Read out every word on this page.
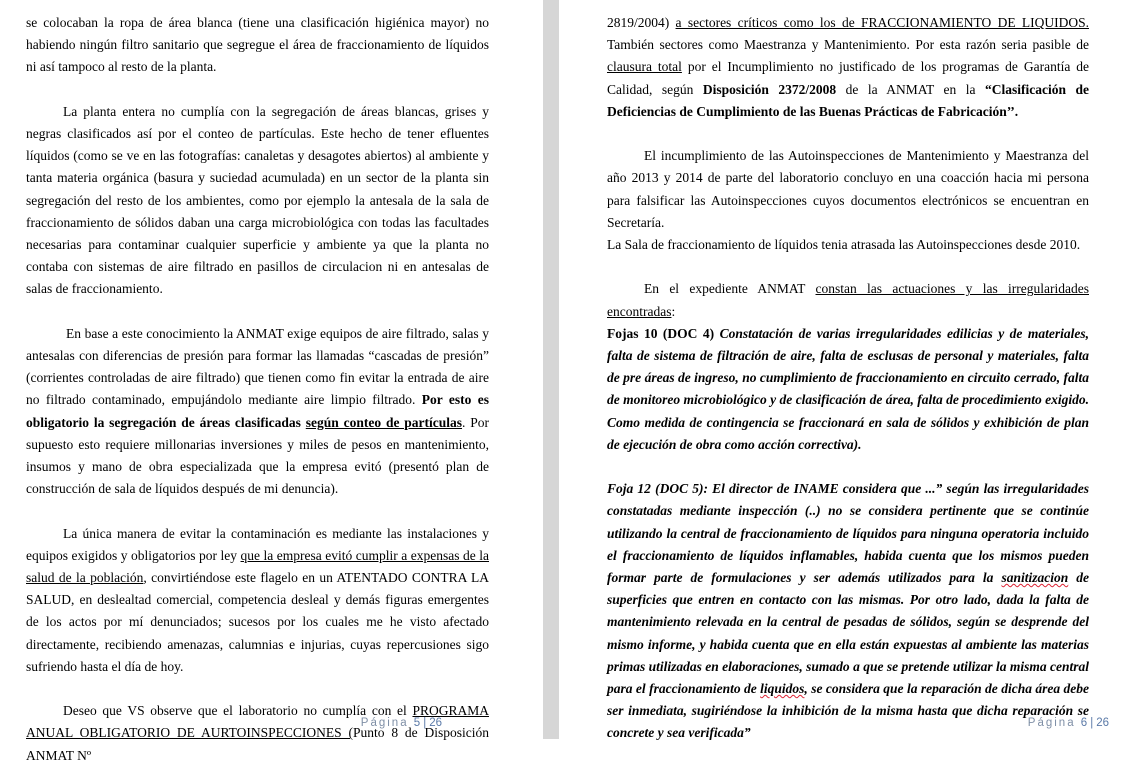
se colocaban la ropa de área blanca (tiene una clasificación higiénica mayor) no habiendo ningún filtro sanitario que segregue el área de fraccionamiento de líquidos ni así tampoco al resto de la planta.

La planta entera no cumplía con la segregación de áreas blancas, grises y negras clasificados así por el conteo de partículas. Este hecho de tener efluentes líquidos (como se ve en las fotografías: canaletas y desagotes abiertos) al ambiente y tanta materia orgánica (basura y suciedad acumulada) en un sector de la planta sin segregación del resto de los ambientes, como por ejemplo la antesala de la sala de fraccionamiento de sólidos daban una carga microbiológica con todas las facultades necesarias para contaminar cualquier superficie y ambiente ya que la planta no contaba con sistemas de aire filtrado en pasillos de circulacion ni en antesalas de salas de fraccionamiento.

En base a este conocimiento la ANMAT exige equipos de aire filtrado, salas y antesalas con diferencias de presión para formar las llamadas “cascadas de presión” (corrientes controladas de aire filtrado) que tienen como fin evitar la entrada de aire no filtrado contaminado, empujándolo mediante aire limpio filtrado. Por esto es obligatorio la segregación de áreas clasificadas según conteo de partículas. Por supuesto esto requiere millonarias inversiones y miles de pesos en mantenimiento, insumos y mano de obra especializada que la empresa evitó (presentó plan de construcción de sala de líquidos después de mi denuncia).

La única manera de evitar la contaminación es mediante las instalaciones y equipos exigidos y obligatorios por ley que la empresa evitó cumplir a expensas de la salud de la población, convirtiéndose este flagelo en un ATENTADO CONTRA LA SALUD, en deslealtad comercial, competencia desleal y demás figuras emergentes de los actos por mí denunciados; sucesos por los cuales me he visto afectado directamente, recibiendo amenazas, calumnias e injurias, cuyas repercusiones sigo sufriendo hasta el día de hoy.

Deseo que VS observe que el laboratorio no cumplía con el PROGRAMA ANUAL OBLIGATORIO DE AURTOINSPECCIONES (Punto 8 de Disposición ANMAT Nº

Página 5 | 26

2819/2004) a sectores críticos como los de FRACCIONAMIENTO DE LIQUIDOS. También sectores como Maestranza y Mantenimiento. Por esta razón seria pasible de clausura total por el Incumplimiento no justificado de los programas de Garantía de Calidad, según Disposición 2372/2008 de la ANMAT en la “Clasificación de Deficiencias de Cumplimiento de las Buenas Prácticas de Fabricación’’.

El incumplimiento de las Autoinspecciones de Mantenimiento y Maestranza del año 2013 y 2014 de parte del laboratorio concluyo en una coacción hacia mi persona para falsificar las Autoinspecciones cuyos documentos electrónicos se encuentran en Secretaría.

La Sala de fraccionamiento de líquidos tenia atrasada las Autoinspecciones desde 2010.

En el expediente ANMAT constan las actuaciones y las irregularidades encontradas:
Fojas 10 (DOC 4) Constatación de varias irregularidades edilicias y de materiales, falta de sistema de filtración de aire, falta de esclusas de personal y materiales, falta de pre áreas de ingreso, no cumplimiento de fraccionamiento en circuito cerrado, falta de monitoreo microbiológico y de clasificación de área, falta de procedimiento exigido. Como medida de contingencia se fraccionará en sala de sólidos y exhibición de plan de ejecución de obra como acción correctiva).

Foja 12 (DOC 5): El director de INAME considera que ...” según las irregularidades constatadas mediante inspección (..) no se considera pertinente que se continúe utilizando la central de fraccionamiento de líquidos para ninguna operatoria incluido el fraccionamiento de líquidos inflamables, habida cuenta que los mismos pueden formar parte de formulaciones y ser además utilizados para la sanitizacion de superficies que entren en contacto con las mismas. Por otro lado, dada la falta de mantenimiento relevada en la central de pesadas de sólidos, según se desprende del mismo informe, y habida cuenta que en ella están expuestas al ambiente las materias primas utilizadas en elaboraciones, sumado a que se pretende utilizar la misma central para el fraccionamiento de liquidos, se considera que la reparación de dicha área debe ser inmediata, sugiriéndose la inhibición de la misma hasta que dicha reparación se concrete y sea verificada”

Página 6 | 26
